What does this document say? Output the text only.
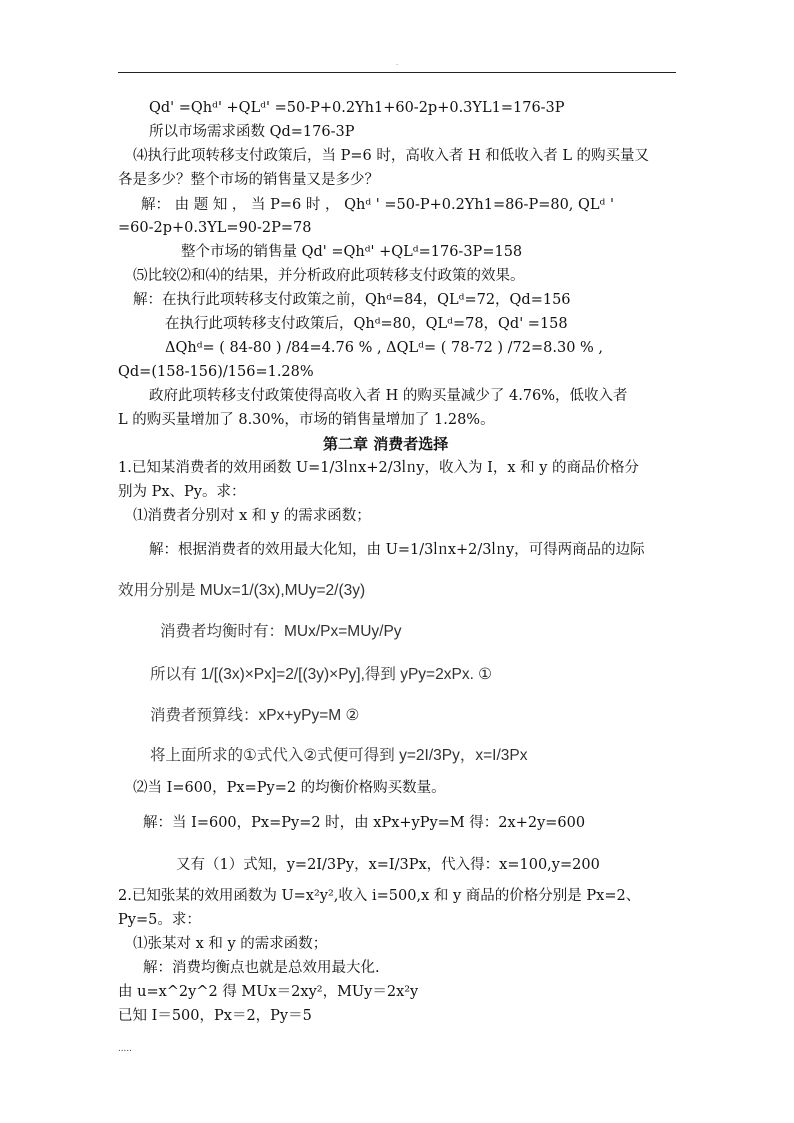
.
Qd' =Qhᵈ' +QLᵈ' =50-P+0.2Yh1+60-2p+0.3YL1=176-3P
所以市场需求函数 Qd=176-3P
⑷执行此项转移支付政策后，当 P=6 时，高收入者 H 和低收入者 L 的购买量又
各是多少？整个市场的销售量又是多少？
解： 由 题 知 ， 当 P=6 时 ， Qhᵈ ' =50-P+0.2Yh1=86-P=80, QLᵈ '
=60-2p+0.3YL=90-2P=78
整个市场的销售量 Qd' =Qhᵈ' +QLᵈ=176-3P=158
⑸比较⑵和⑷的结果，并分析政府此项转移支付政策的效果。
解：在执行此项转移支付政策之前，Qhᵈ=84，QLᵈ=72，Qd=156
在执行此项转移支付政策后，Qhᵈ=80，QLᵈ=78，Qd' =158
ΔQhᵈ= ( 84-80 ) /84=4.76 % , ΔQLᵈ= ( 78-72 ) /72=8.30 % ,
Qd=(158-156)/156=1.28%
政府此项转移支付政策使得高收入者 H 的购买量减少了 4.76%，低收入者
L 的购买量增加了 8.30%，市场的销售量增加了 1.28%。
第二章 消费者选择
1.已知某消费者的效用函数 U=1/3㏑x+2/3㏑y，收入为 I，x 和 y 的商品价格分
别为 Px、Py。求：
⑴消费者分别对 x 和 y 的需求函数；
解：根据消费者的效用最大化知，由 U=1/3㏑x+2/3㏑y，可得两商品的边际
效用分别是 MUx=1/(3x),MUy=2/(3y)
消费者均衡时有：MUx/Px=MUy/Py
所以有 1/[(3x)×Px]=2/[(3y)×Py],得到 yPy=2xPx. ①
消费者预算线：xPx+yPy=M ②
将上面所求的①式代入②式便可得到 y=2I/3Py，x=I/3Px
⑵当 I=600，Px=Py=2 的均衡价格购买数量。
解：当 I=600，Px=Py=2 时，由 xPx+yPy=M 得：2x+2y=600
又有（1）式知，y=2I/3Py，x=I/3Px，代入得：x=100,y=200
2.已知张某的效用函数为 U=x²y²,收入 i=500,x 和 y 商品的价格分别是 Px=2、
Py=5。求：
⑴张某对 x 和 y 的需求函数；
解：消费均衡点也就是总效用最大化.
由 u=x^2y^2 得 MUx＝2xy²，MUy＝2x²y
已知 I＝500，Px＝2，Py＝5
.....
